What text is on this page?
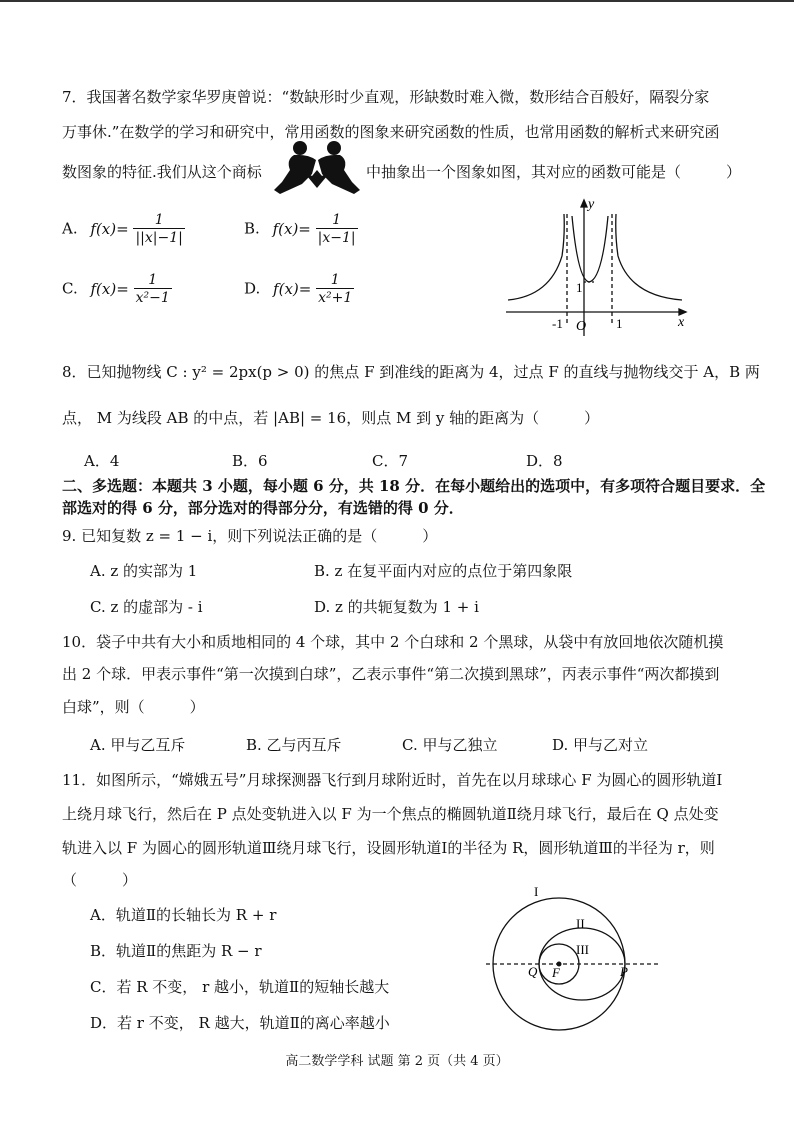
7．我国著名数学家华罗庚曾说：“数缺形时少直观，形缺数时难入微，数形结合百般好，隔裂分家
万事休.”在数学的学习和研究中，常用函数的图象来研究函数的性质，也常用函数的解析式来研究函
数图象的特征.我们从这个商标	中抽象出一个图象如图，其对应的函数可能是（　　　）
A. $f(x)= \frac{1}{||x|-1|}$	B. $f(x)= \frac{1}{|x-1|}$
C. $f(x)= \frac{1}{\text{x²−1}}$	D. $f(x)= \frac{1}{\text{x²+1}}$
y
x
1
-1 O 1
8．已知抛物线 C : y² = 2px(p > 0) 的焦点 F 到准线的距离为 4，过点 F 的直线与抛物线交于 A，B 两
点， M 为线段 AB 的中点，若 |AB| = 16，则点 M 到 y 轴的距离为（　　　）
A．4	B．6	C．7	D．8
二、多选题：本题共 3 小题，每小题 6 分，共 18 分．在每小题给出的选项中，有多项符合题目要求．全
部选对的得 6 分，部分选对的得部分分，有选错的得 0 分．
9. 已知复数 z = 1 − i，则下列说法正确的是（　　　）
A. z 的实部为 1	B. z 在复平面内对应的点位于第四象限
C. z 的虚部为 - i	D. z 的共轭复数为 1 + i
10．袋子中共有大小和质地相同的 4 个球，其中 2 个白球和 2 个黑球，从袋中有放回地依次随机摸
出 2 个球．甲表示事件“第一次摸到白球”，乙表示事件“第二次摸到黑球”，丙表示事件“两次都摸到
白球”，则（　　　）
A. 甲与乙互斥	B. 乙与丙互斥	C. 甲与乙独立	D. 甲与乙对立
11．如图所示，“嫦娥五号”月球探测器飞行到月球附近时，首先在以月球球心 F 为圆心的圆形轨道Ⅰ
上绕月球飞行，然后在 P 点处变轨进入以 F 为一个焦点的椭圆轨道Ⅱ绕月球飞行，最后在 Q 点处变
轨进入以 F 为圆心的圆形轨道Ⅲ绕月球飞行，设圆形轨道Ⅰ的半径为 R，圆形轨道Ⅲ的半径为 r，则
（　　　）
A．轨道Ⅱ的长轴长为 R + r
B．轨道Ⅱ的焦距为 R − r
C．若 R 不变， r 越小，轨道Ⅱ的短轴长越大
D．若 r 不变， R 越大，轨道Ⅱ的离心率越小
I
II
III
Q F	P
高二数学学科 试题 第 2 页（共 4 页）
